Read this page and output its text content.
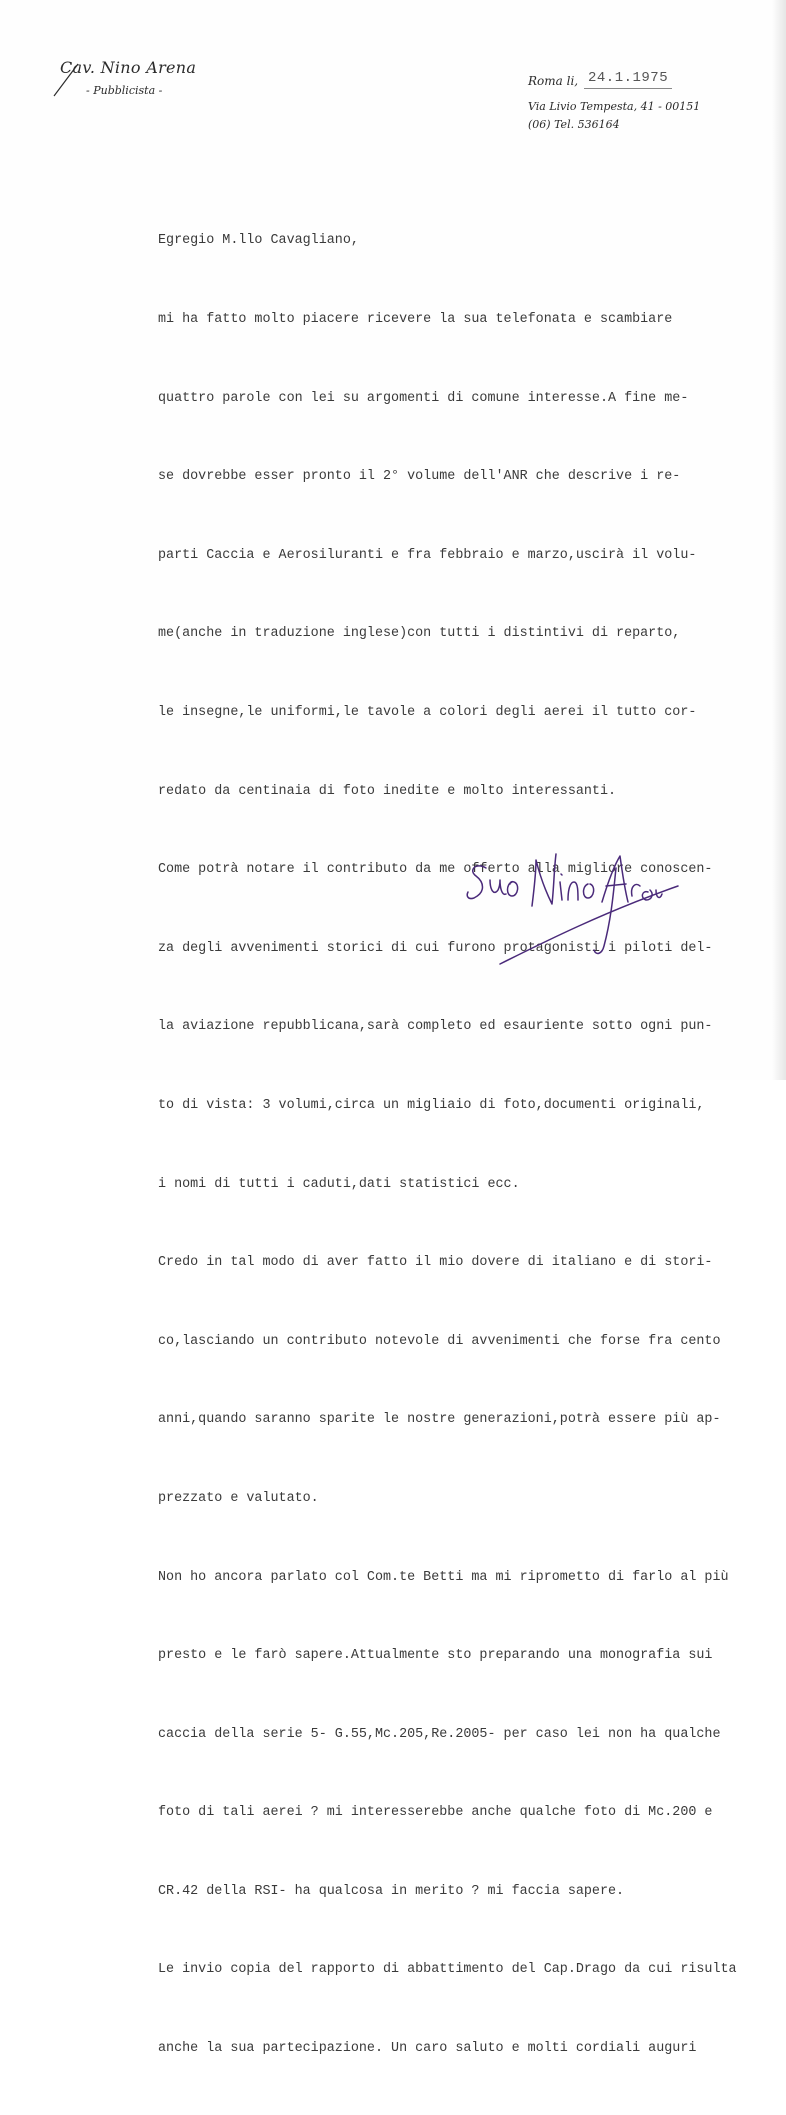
Cav. Nino Arena
- Pubblicista -
Roma li, 24.1.1975
Via Livio Tempesta, 41 - 00151
(06) Tel. 536164

Egregio M.llo Cavagliano,

mi ha fatto molto piacere ricevere la sua telefonata e scambiare

quattro parole con lei su argomenti di comune interesse.A fine me-

se dovrebbe esser pronto il 2° volume dell'ANR che descrive i re-

parti Caccia e Aerosiluranti e fra febbraio e marzo,uscirà il volu-

me(anche in traduzione inglese)con tutti i distintivi di reparto,

le insegne,le uniformi,le tavole a colori degli aerei il tutto cor-

redato da centinaia di foto inedite e molto interessanti.

Come potrà notare il contributo da me offerto alla migliore conoscen-

za degli avvenimenti storici di cui furono protagonisti i piloti del-

la aviazione repubblicana,sarà completo ed esauriente sotto ogni pun-

to di vista: 3 volumi,circa un migliaio di foto,documenti originali,

i nomi di tutti i caduti,dati statistici ecc.

Credo in tal modo di aver fatto il mio dovere di italiano e di stori-

co,lasciando un contributo notevole di avvenimenti che forse fra cento

anni,quando saranno sparite le nostre generazioni,potrà essere più ap-

prezzato e valutato.

Non ho ancora parlato col Com.te Betti ma mi riprometto di farlo al più

presto e le farò sapere.Attualmente sto preparando una monografia sui

caccia della serie 5- G.55,Mc.205,Re.2005- per caso lei non ha qualche

foto di tali aerei ? mi interesserebbe anche qualche foto di Mc.200 e

CR.42 della RSI- ha qualcosa in merito ? mi faccia sapere.

Le invio copia del rapporto di abbattimento del Cap.Drago da cui risulta

anche la sua partecipazione. Un caro saluto e molti cordiali auguri
